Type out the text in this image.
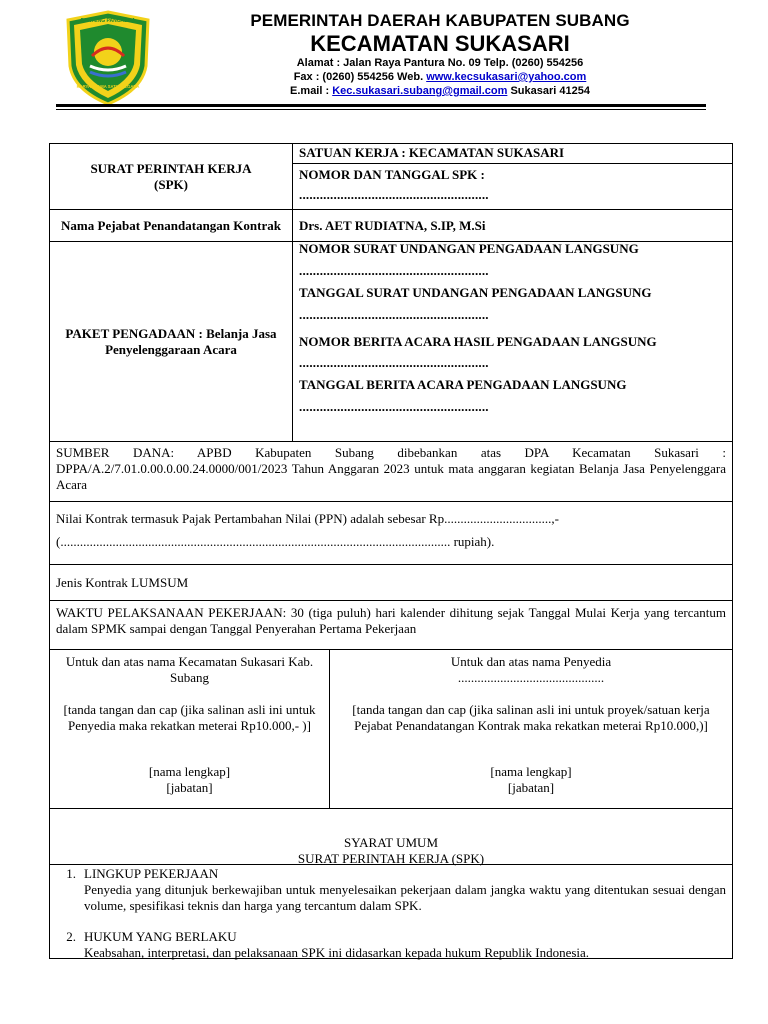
BENTENG PANCASILA
KARYA UTAMA SATYANEGARA
PEMERINTAH DAERAH KABUPATEN SUBANG
KECAMATAN SUKASARI
Alamat : Jalan Raya Pantura No. 09 Telp. (0260) 554256
Fax : (0260) 554256 Web. www.kecsukasari@yahoo.com
E.mail : Kec.sukasari.subang@gmail.com Sukasari 41254
SURAT PERINTAH KERJA
(SPK)
SATUAN KERJA : KECAMATAN SUKASARI
NOMOR DAN TANGGAL SPK :
.......................................................
Nama Pejabat Penandatangan Kontrak	Drs. AET RUDIATNA, S.IP, M.Si
PAKET PENGADAAN : Belanja Jasa Penyelenggaraan Acara
NOMOR SURAT UNDANGAN PENGADAAN LANGSUNG
.......................................................
TANGGAL SURAT UNDANGAN PENGADAAN LANGSUNG
.......................................................
NOMOR BERITA ACARA HASIL PENGADAAN LANGSUNG
.......................................................
TANGGAL BERITA ACARA PENGADAAN LANGSUNG
.......................................................
SUMBER DANA: APBD Kabupaten Subang dibebankan atas DPA Kecamatan Sukasari : DPPA/A.2/7.01.0.00.0.00.24.0000/001/2023 Tahun Anggaran 2023 untuk mata anggaran kegiatan Belanja Jasa Penyelenggara Acara
Nilai Kontrak termasuk Pajak Pertambahan Nilai (PPN) adalah sebesar Rp.................................,-
(........................................................................................................................ rupiah).
Jenis Kontrak LUMSUM
WAKTU PELAKSANAAN PEKERJAAN: 30 (tiga puluh) hari kalender dihitung sejak Tanggal Mulai Kerja yang tercantum dalam SPMK sampai dengan Tanggal Penyerahan Pertama Pekerjaan
Untuk dan atas nama Kecamatan Sukasari Kab. Subang
[tanda tangan dan cap (jika salinan asli ini untuk Penyedia maka rekatkan meterai Rp10.000,- )]
[nama lengkap]
[jabatan]
Untuk dan atas nama Penyedia
.............................................
[tanda tangan dan cap (jika salinan asli ini untuk proyek/satuan kerja Pejabat Penandatangan Kontrak maka rekatkan meterai Rp10.000,)]
[nama lengkap]
[jabatan]
SYARAT UMUM
SURAT PERINTAH KERJA (SPK)
1. LINGKUP PEKERJAAN
Penyedia yang ditunjuk berkewajiban untuk menyelesaikan pekerjaan dalam jangka waktu yang ditentukan sesuai dengan volume, spesifikasi teknis dan harga yang tercantum dalam SPK.
2. HUKUM YANG BERLAKU
Keabsahan, interpretasi, dan pelaksanaan SPK ini didasarkan kepada hukum Republik Indonesia.
